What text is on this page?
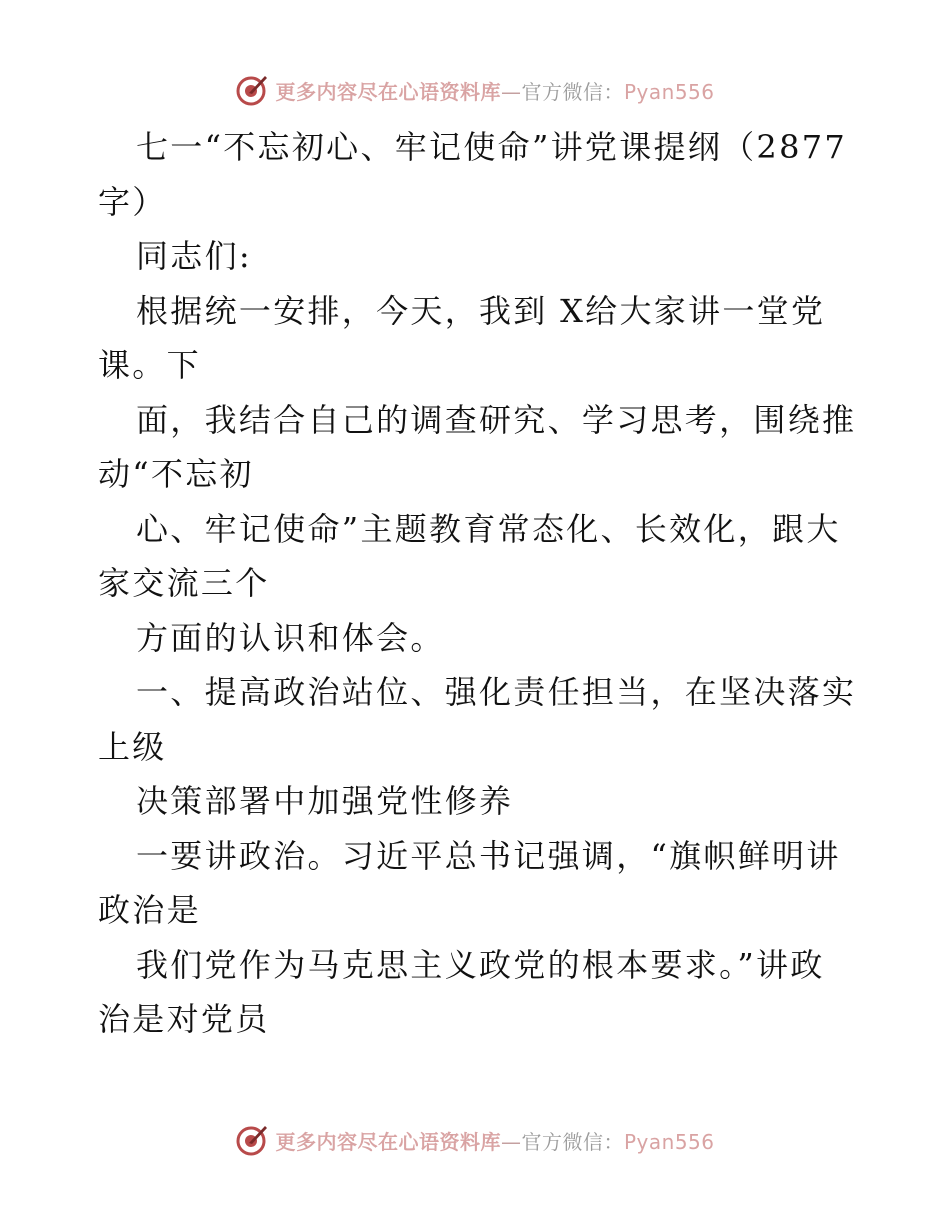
更多内容尽在心语资料库—官方微信：Pyan556
七一“不忘初心、牢记使命”讲党课提纲（2877
字）
同志们:
根据统一安排，今天，我到 X给大家讲一堂党
课。下
面，我结合自己的调查研究、学习思考，围绕推
动“不忘初
心、牢记使命”主题教育常态化、长效化，跟大
家交流三个
方面的认识和体会。
一、提高政治站位、强化责任担当，在坚决落实
上级
决策部署中加强党性修养
一要讲政治。习近平总书记强调，“旗帜鲜明讲
政治是
我们党作为马克思主义政党的根本要求。”讲政
治是对党员
更多内容尽在心语资料库—官方微信：Pyan556
